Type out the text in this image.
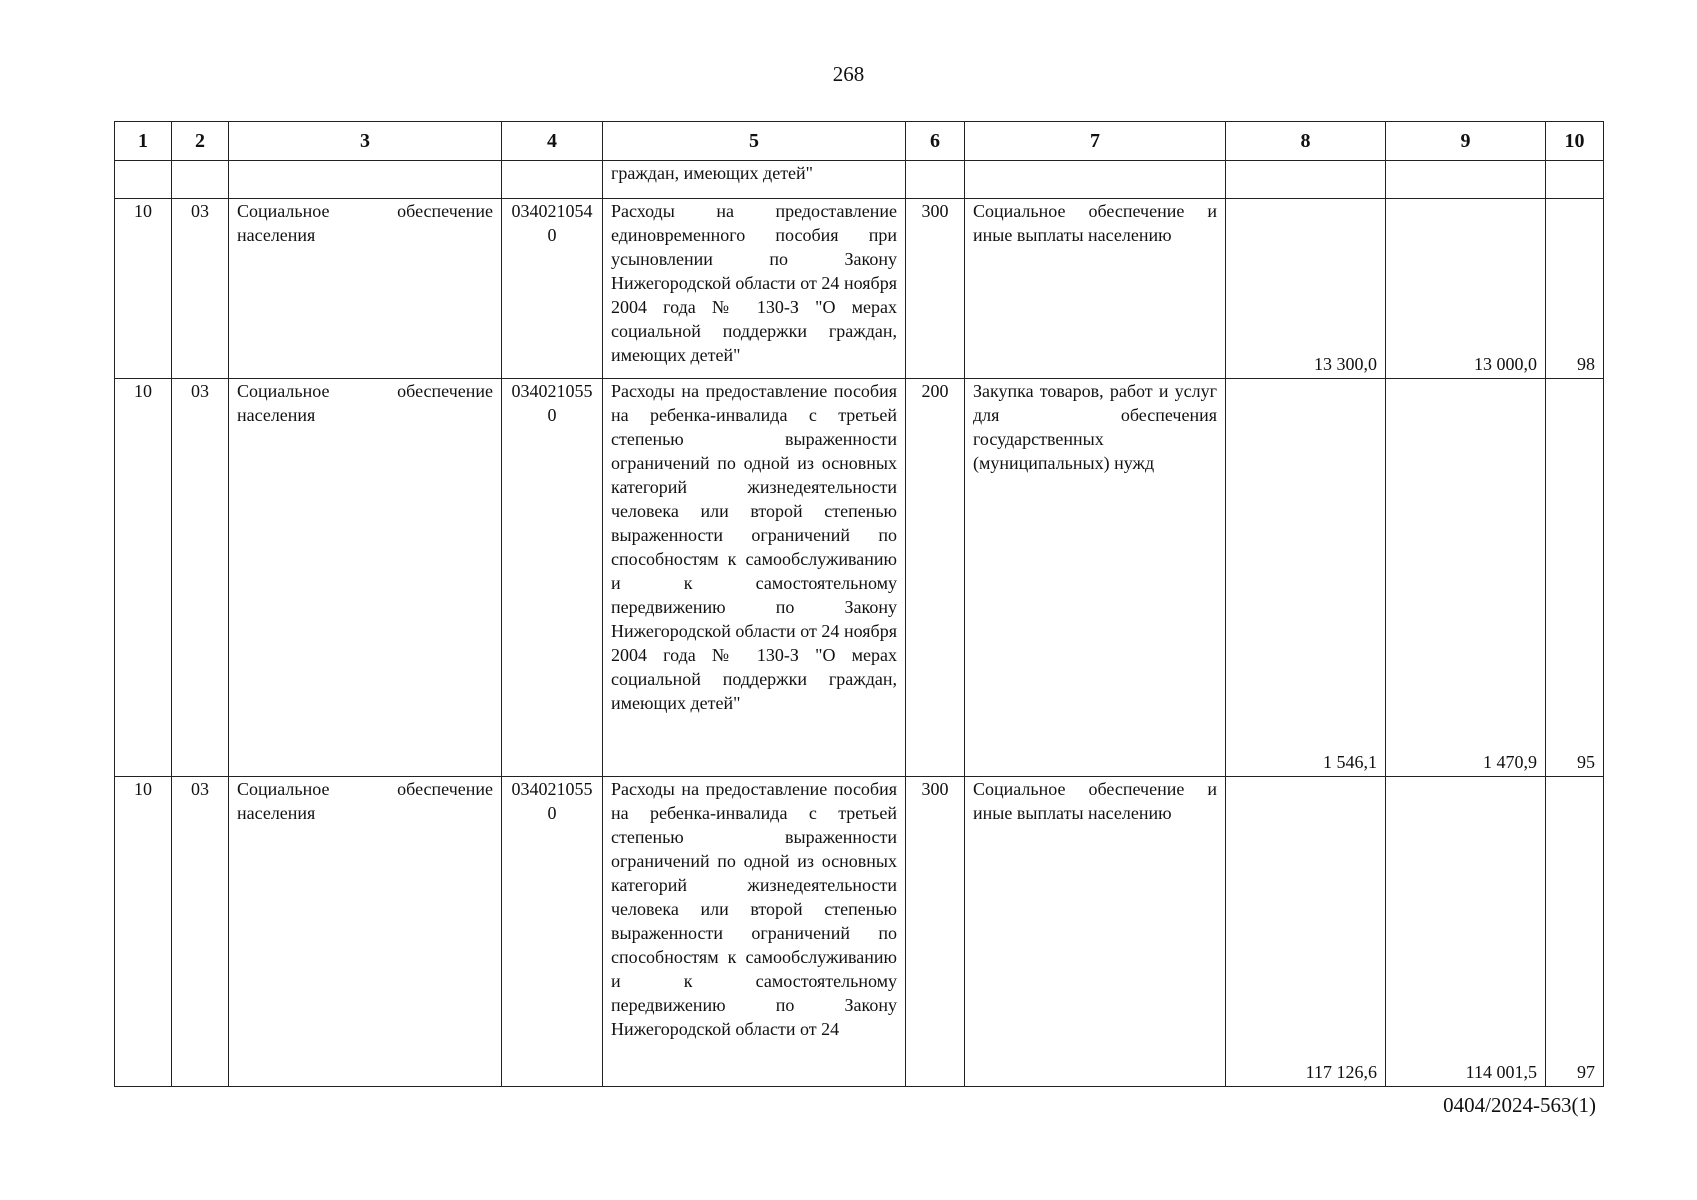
268
1	2	3	4	5	6	7	8	9	10
				граждан, имеющих детей"					
10	03	Социальное обеспечение населения	0340210540	Расходы на предоставление единовременного пособия при усыновлении по Закону Нижегородской области от 24 ноября 2004 года № 130-З "О мерах социальной поддержки граждан, имеющих детей"	300	Социальное обеспечение и иные выплаты населению	13 300,0	13 000,0	98
10	03	Социальное обеспечение населения	0340210550	Расходы на предоставление пособия на ребенка-инвалида с третьей степенью выраженности ограничений по одной из основных категорий жизнедеятельности человека или второй степенью выраженности ограничений по способностям к самообслуживанию и к самостоятельному передвижению по Закону Нижегородской области от 24 ноября 2004 года № 130-З "О мерах социальной поддержки граждан, имеющих детей"	200	Закупка товаров, работ и услуг для обеспечения государственных (муниципальных) нужд	1 546,1	1 470,9	95
10	03	Социальное обеспечение населения	0340210550	Расходы на предоставление пособия на ребенка-инвалида с третьей степенью выраженности ограничений по одной из основных категорий жизнедеятельности человека или второй степенью выраженности ограничений по способностям к самообслуживанию и к самостоятельному передвижению по Закону Нижегородской области от 24	300	Социальное обеспечение и иные выплаты населению	117 126,6	114 001,5	97
0404/2024-563(1)
